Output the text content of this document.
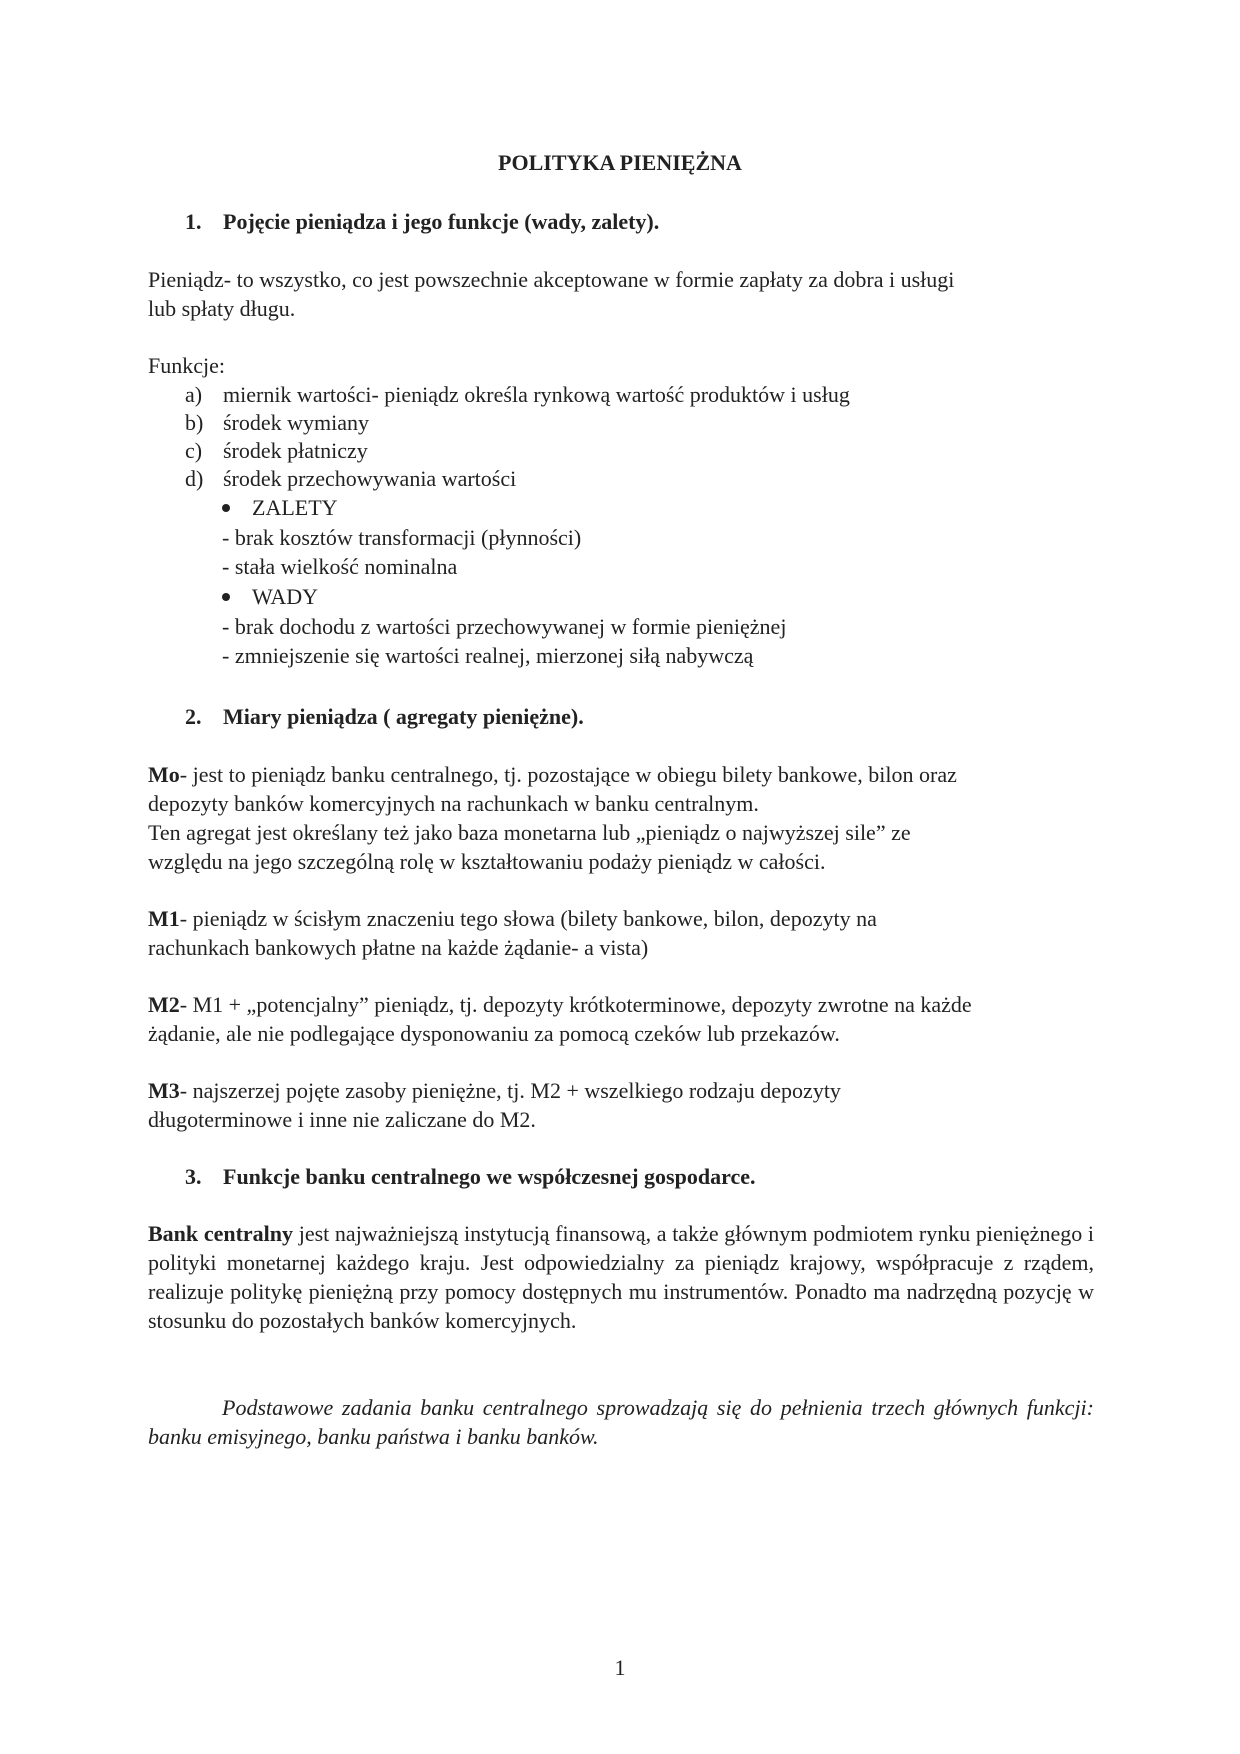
POLITYKA PIENIĘŻNA
1. Pojęcie pieniądza i jego funkcje (wady, zalety).
Pieniądz- to wszystko, co jest powszechnie akceptowane w formie zapłaty za dobra i usługi
lub spłaty długu.
Funkcje:
a) miernik wartości- pieniądz określa rynkową wartość produktów i usług
b) środek wymiany
c) środek płatniczy
d) środek przechowywania wartości
ZALETY
- brak kosztów transformacji (płynności)
- stała wielkość nominalna
WADY
- brak dochodu z wartości przechowywanej w formie pieniężnej
- zmniejszenie się wartości realnej, mierzonej siłą nabywczą
2. Miary pieniądza ( agregaty pieniężne).
Mo- jest to pieniądz banku centralnego, tj. pozostające w obiegu bilety bankowe, bilon oraz
depozyty banków komercyjnych na rachunkach w banku centralnym.
Ten agregat jest określany też jako baza monetarna lub „pieniądz o najwyższej sile” ze
względu na jego szczególną rolę w kształtowaniu podaży pieniądz w całości.
M1- pieniądz w ścisłym znaczeniu tego słowa (bilety bankowe, bilon, depozyty na
rachunkach bankowych płatne na każde żądanie- a vista)
M2- M1 + „potencjalny” pieniądz, tj. depozyty krótkoterminowe, depozyty zwrotne na każde
żądanie, ale nie podlegające dysponowaniu za pomocą czeków lub przekazów.
M3- najszerzej pojęte zasoby pieniężne, tj. M2 + wszelkiego rodzaju depozyty
długoterminowe i inne nie zaliczane do M2.
3. Funkcje banku centralnego we współczesnej gospodarce.
Bank centralny jest najważniejszą instytucją finansową, a także głównym podmiotem rynku pieniężnego i polityki monetarnej każdego kraju. Jest odpowiedzialny za pieniądz krajowy, współpracuje z rządem, realizuje politykę pieniężną przy pomocy dostępnych mu instrumentów. Ponadto ma nadrzędną pozycję w stosunku do pozostałych banków komercyjnych.
Podstawowe zadania banku centralnego sprowadzają się do pełnienia trzech głównych funkcji: banku emisyjnego, banku państwa i banku banków.
1
